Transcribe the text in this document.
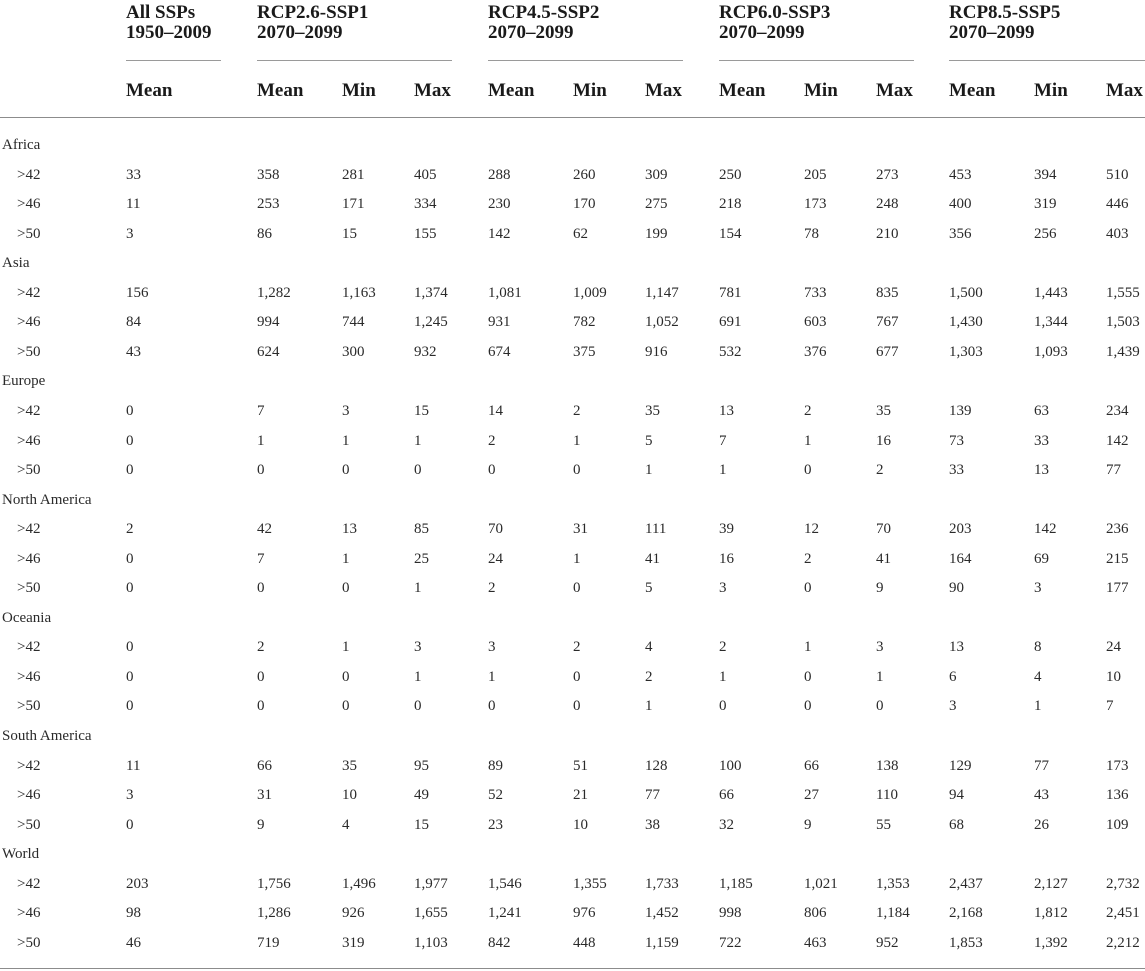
All SSPs
1950–2009
Mean
RCP2.6-SSP1
2070–2099
Mean Min Max
RCP4.5-SSP2
2070–2099
Mean Min Max
RCP6.0-SSP3
2070–2099
Mean Min Max
RCP8.5-SSP5
2070–2099
Mean Min Max
Africa
>42	33	358	281	405	288	260	309	250	205	273	453	394	510
>46	11	253	171	334	230	170	275	218	173	248	400	319	446
>50	3	86	15	155	142	62	199	154	78	210	356	256	403
Asia
>42	156	1,282	1,163	1,374	1,081	1,009	1,147	781	733	835	1,500	1,443	1,555
>46	84	994	744	1,245	931	782	1,052	691	603	767	1,430	1,344	1,503
>50	43	624	300	932	674	375	916	532	376	677	1,303	1,093	1,439
Europe
>42	0	7	3	15	14	2	35	13	2	35	139	63	234
>46	0	1	1	1	2	1	5	7	1	16	73	33	142
>50	0	0	0	0	0	0	1	1	0	2	33	13	77
North America
>42	2	42	13	85	70	31	111	39	12	70	203	142	236
>46	0	7	1	25	24	1	41	16	2	41	164	69	215
>50	0	0	0	1	2	0	5	3	0	9	90	3	177
Oceania
>42	0	2	1	3	3	2	4	2	1	3	13	8	24
>46	0	0	0	1	1	0	2	1	0	1	6	4	10
>50	0	0	0	0	0	0	1	0	0	0	3	1	7
South America
>42	11	66	35	95	89	51	128	100	66	138	129	77	173
>46	3	31	10	49	52	21	77	66	27	110	94	43	136
>50	0	9	4	15	23	10	38	32	9	55	68	26	109
World
>42	203	1,756	1,496	1,977	1,546	1,355	1,733	1,185	1,021	1,353	2,437	2,127	2,732
>46	98	1,286	926	1,655	1,241	976	1,452	998	806	1,184	2,168	1,812	2,451
>50	46	719	319	1,103	842	448	1,159	722	463	952	1,853	1,392	2,212
